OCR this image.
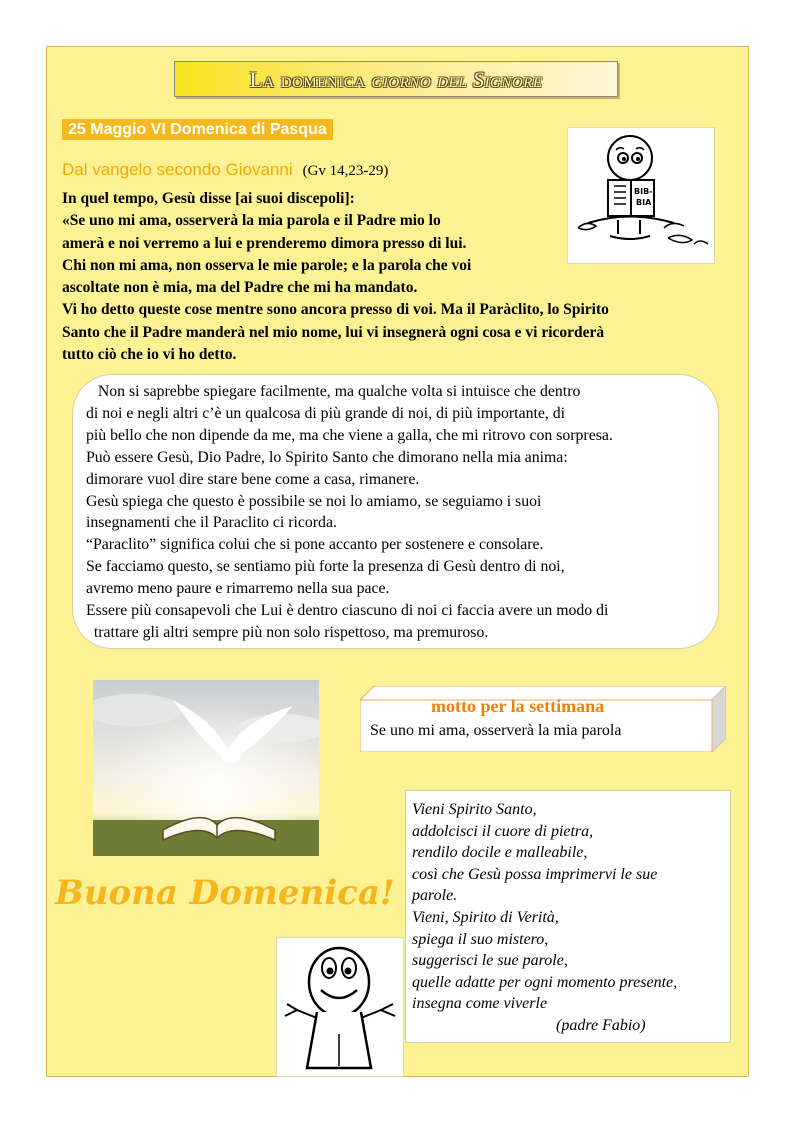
La domenica giorno del Signore
25 Maggio VI Domenica di Pasqua
Dal vangelo secondo Giovanni (Gv 14,23-29)
In quel tempo, Gesù disse [ai suoi discepoli]:
«Se uno mi ama, osserverà la mia parola e il Padre mio lo
amerà e noi verremo a lui e prenderemo dimora presso di lui.
Chi non mi ama, non osserva le mie parole; e la parola che voi
ascoltate non è mia, ma del Padre che mi ha mandato.
Vi ho detto queste cose mentre sono ancora presso di voi. Ma il Paràclito, lo Spirito
Santo che il Padre manderà nel mio nome, lui vi insegnerà ogni cosa e vi ricorderà
tutto ciò che io vi ho detto.
BIB-
BIA
Non si saprebbe spiegare facilmente, ma qualche volta si intuisce che dentro
di noi e negli altri c’è un qualcosa di più grande di noi, di più importante, di
più bello che non dipende da me, ma che viene a galla, che mi ritrovo con sorpresa.
Può essere Gesù, Dio Padre, lo Spirito Santo che dimorano nella mia anima:
dimorare vuol dire stare bene come a casa, rimanere.
Gesù spiega che questo è possibile se noi lo amiamo, se seguiamo i suoi
insegnamenti che il Paraclito ci ricorda.
“Paraclito” significa colui che si pone accanto per sostenere e consolare.
Se facciamo questo, se sentiamo più forte la presenza di Gesù dentro di noi,
avremo meno paure e rimarremo nella sua pace.
Essere più consapevoli che Lui è dentro ciascuno di noi ci faccia avere un modo di
trattare gli altri sempre più non solo rispettoso, ma premuroso.
motto per la settimana
Se uno mi ama, osserverà la mia parola
Buona Domenica!
Vieni Spirito Santo,
addolcisci il cuore di pietra,
rendilo docile e malleabile,
così che Gesù possa imprimervi le sue
parole.
Vieni, Spirito di Verità,
spiega il suo mistero,
suggerisci le sue parole,
quelle adatte per ogni momento presente,
insegna come viverle
(padre Fabio)
